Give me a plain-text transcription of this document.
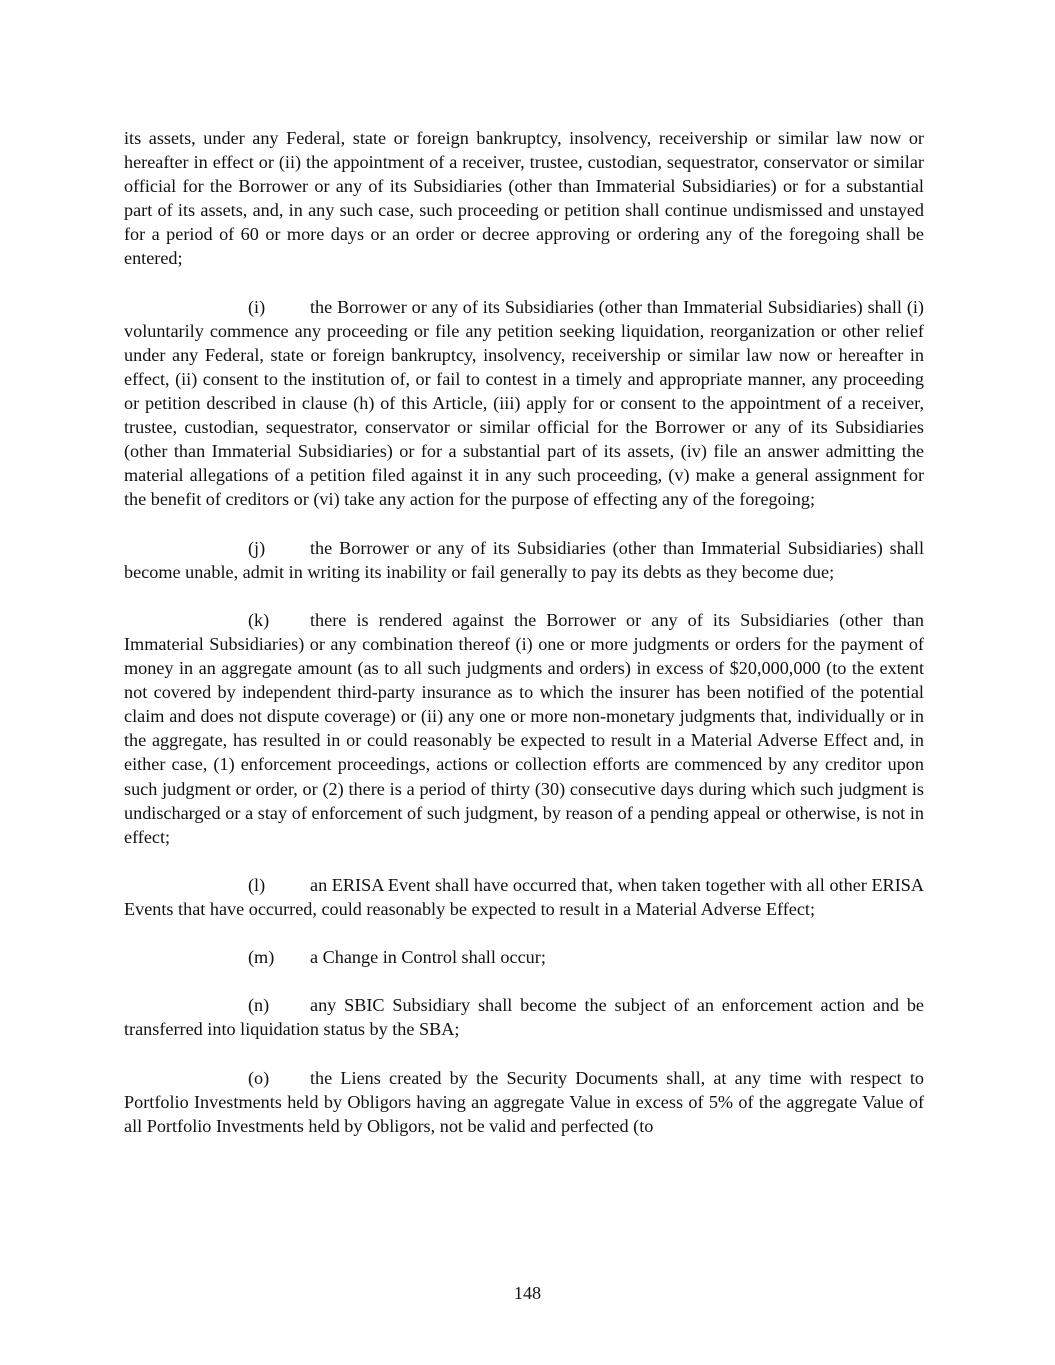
its assets, under any Federal, state or foreign bankruptcy, insolvency, receivership or similar law now or hereafter in effect or (ii) the appointment of a receiver, trustee, custodian, sequestrator, conservator or similar official for the Borrower or any of its Subsidiaries (other than Immaterial Subsidiaries) or for a substantial part of its assets, and, in any such case, such proceeding or petition shall continue undismissed and unstayed for a period of 60 or more days or an order or decree approving or ordering any of the foregoing shall be entered;

(i) the Borrower or any of its Subsidiaries (other than Immaterial Subsidiaries) shall (i) voluntarily commence any proceeding or file any petition seeking liquidation, reorganization or other relief under any Federal, state or foreign bankruptcy, insolvency, receivership or similar law now or hereafter in effect, (ii) consent to the institution of, or fail to contest in a timely and appropriate manner, any proceeding or petition described in clause (h) of this Article, (iii) apply for or consent to the appointment of a receiver, trustee, custodian, sequestrator, conservator or similar official for the Borrower or any of its Subsidiaries (other than Immaterial Subsidiaries) or for a substantial part of its assets, (iv) file an answer admitting the material allegations of a petition filed against it in any such proceeding, (v) make a general assignment for the benefit of creditors or (vi) take any action for the purpose of effecting any of the foregoing;

(j) the Borrower or any of its Subsidiaries (other than Immaterial Subsidiaries) shall become unable, admit in writing its inability or fail generally to pay its debts as they become due;

(k) there is rendered against the Borrower or any of its Subsidiaries (other than Immaterial Subsidiaries) or any combination thereof (i) one or more judgments or orders for the payment of money in an aggregate amount (as to all such judgments and orders) in excess of $20,000,000 (to the extent not covered by independent third-party insurance as to which the insurer has been notified of the potential claim and does not dispute coverage) or (ii) any one or more non-monetary judgments that, individually or in the aggregate, has resulted in or could reasonably be expected to result in a Material Adverse Effect and, in either case, (1) enforcement proceedings, actions or collection efforts are commenced by any creditor upon such judgment or order, or (2) there is a period of thirty (30) consecutive days during which such judgment is undischarged or a stay of enforcement of such judgment, by reason of a pending appeal or otherwise, is not in effect;

(l) an ERISA Event shall have occurred that, when taken together with all other ERISA Events that have occurred, could reasonably be expected to result in a Material Adverse Effect;

(m) a Change in Control shall occur;

(n) any SBIC Subsidiary shall become the subject of an enforcement action and be transferred into liquidation status by the SBA;

(o) the Liens created by the Security Documents shall, at any time with respect to Portfolio Investments held by Obligors having an aggregate Value in excess of 5% of the aggregate Value of all Portfolio Investments held by Obligors, not be valid and perfected (to

148
